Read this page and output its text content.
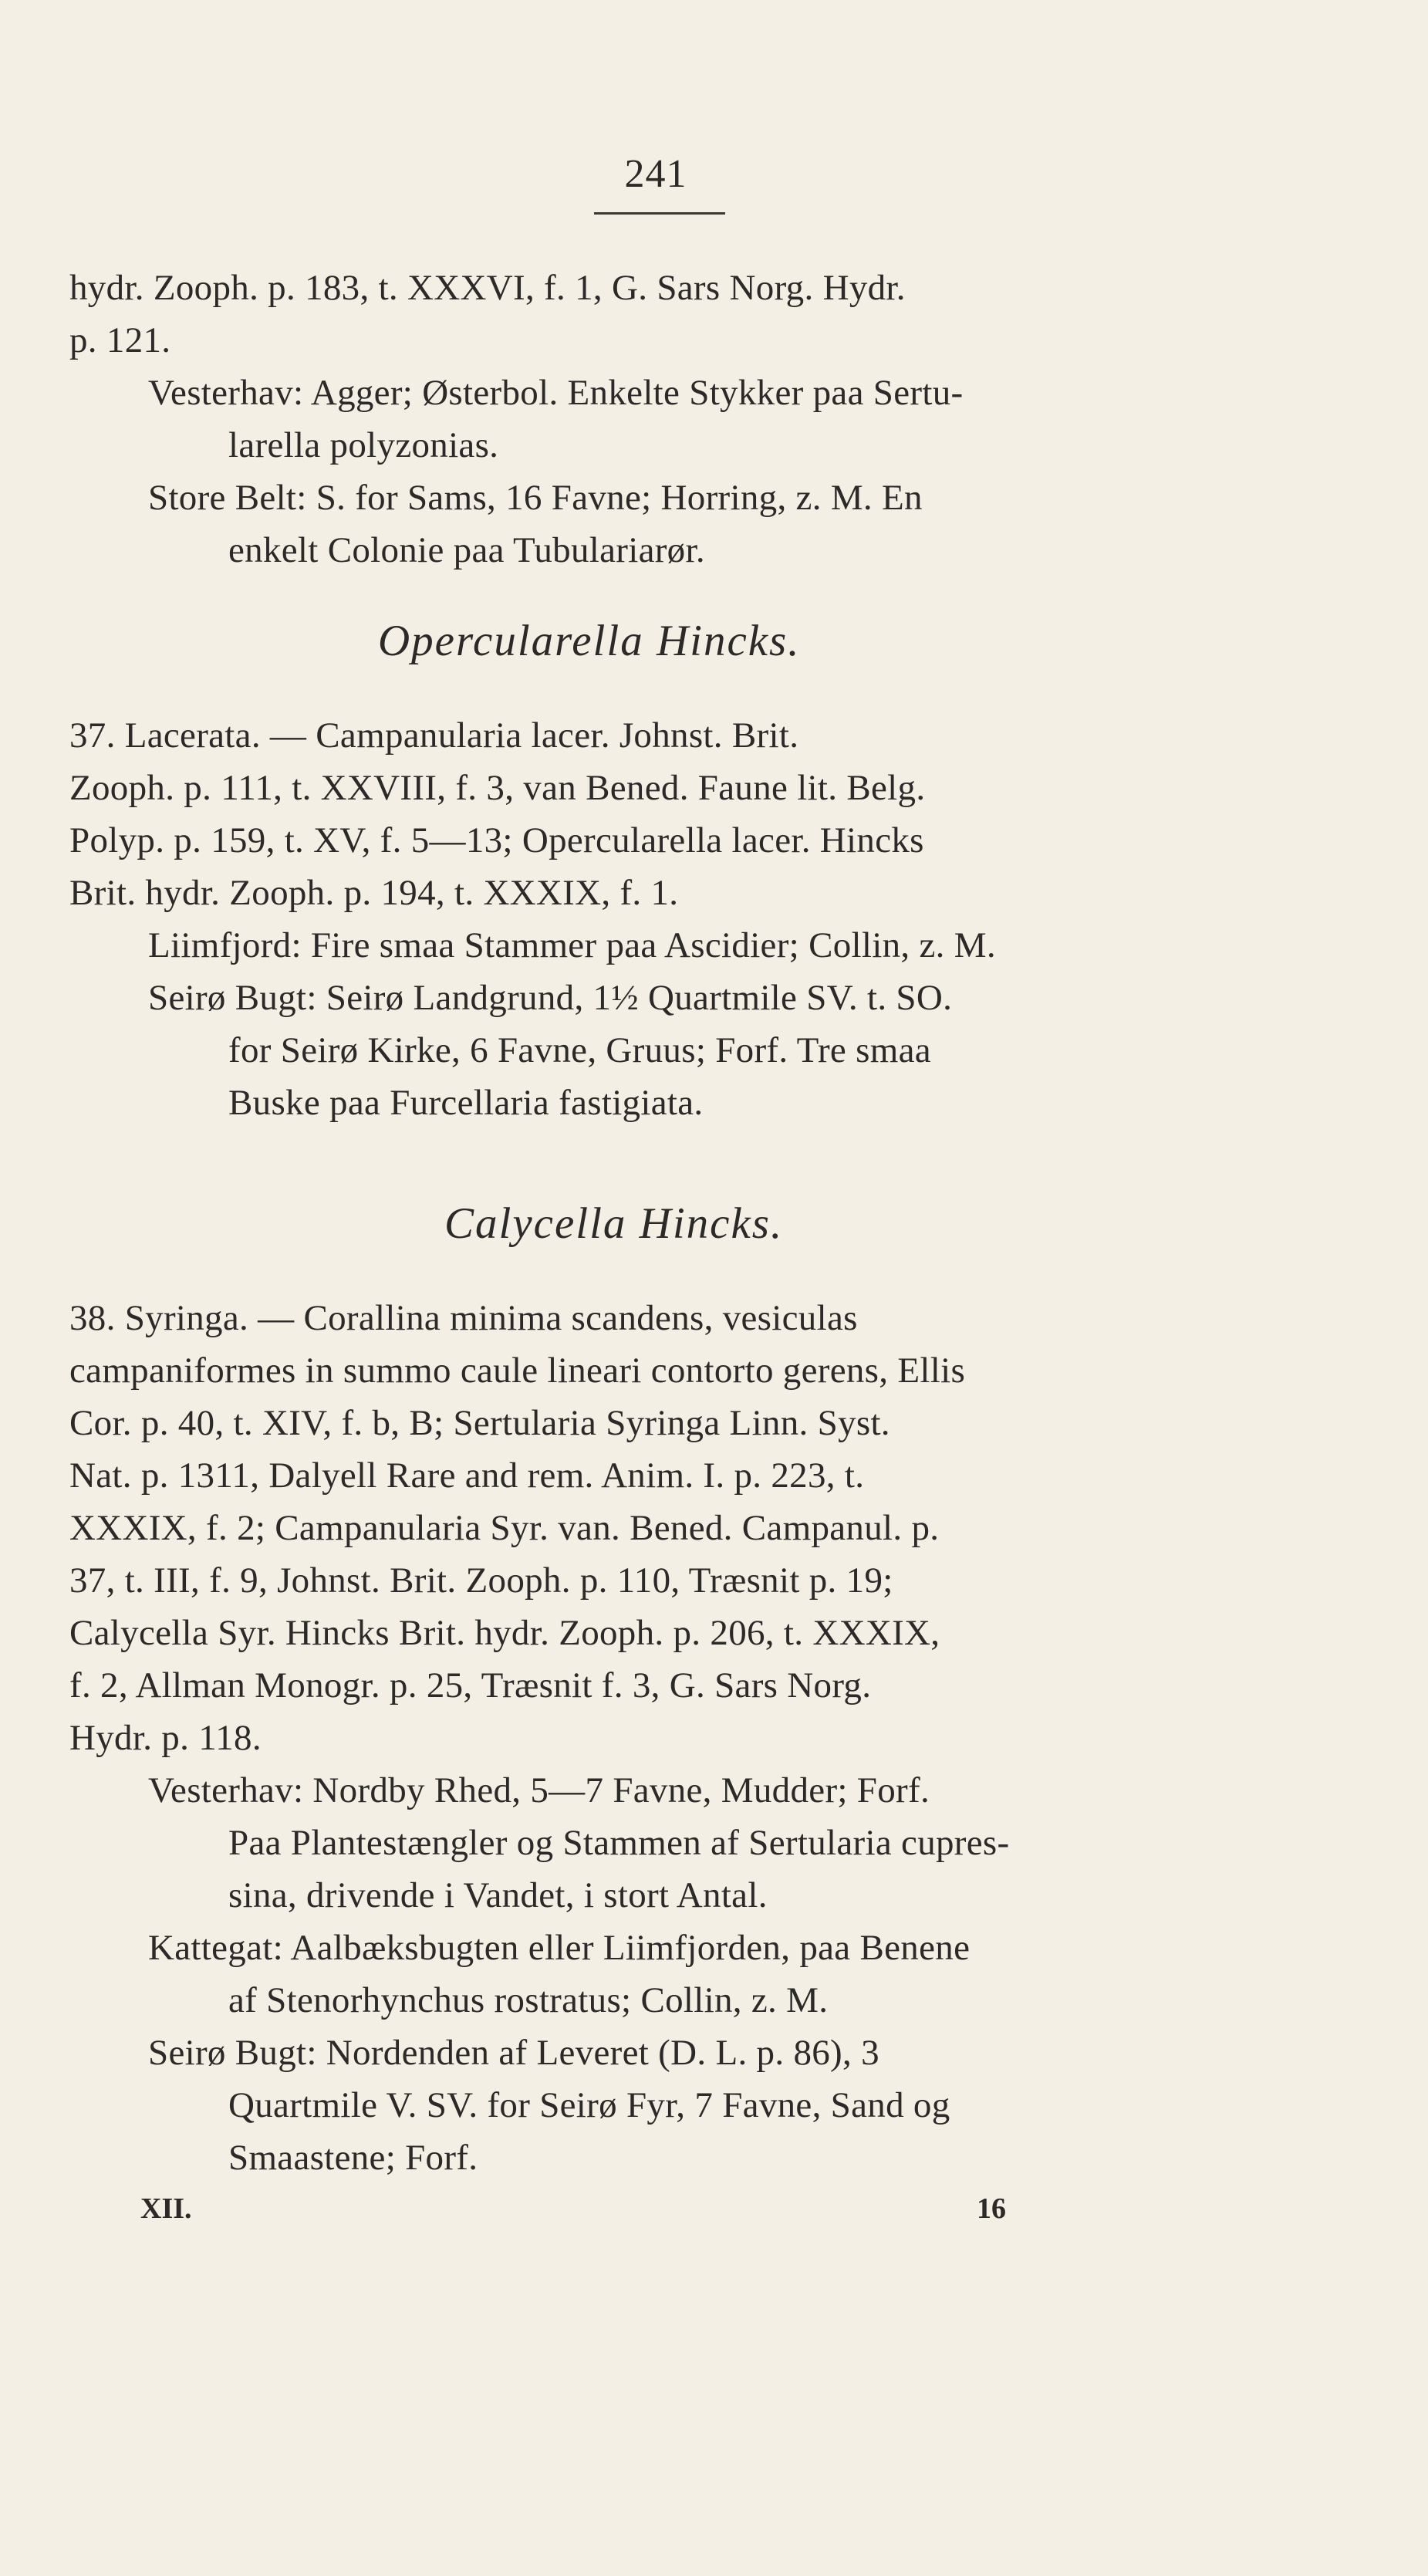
241
hydr. Zooph. p. 183, t. XXXVI, f. 1, G. Sars Norg. Hydr.
p. 121.
Vesterhav: Agger; Østerbol. Enkelte Stykker paa Sertu-
larella polyzonias.
Store Belt: S. for Sams, 16 Favne; Horring, z. M. En
enkelt Colonie paa Tubulariarør.
Opercularella Hincks.
37. Lacerata. — Campanularia lacer. Johnst. Brit.
Zooph. p. 111, t. XXVIII, f. 3, van Bened. Faune lit. Belg.
Polyp. p. 159, t. XV, f. 5—13; Opercularella lacer. Hincks
Brit. hydr. Zooph. p. 194, t. XXXIX, f. 1.
Liimfjord: Fire smaa Stammer paa Ascidier; Collin, z. M.
Seirø Bugt: Seirø Landgrund, 1½ Quartmile SV. t. SO.
for Seirø Kirke, 6 Favne, Gruus; Forf. Tre smaa
Buske paa Furcellaria fastigiata.
Calycella Hincks.
38. Syringa. — Corallina minima scandens, vesiculas
campaniformes in summo caule lineari contorto gerens, Ellis
Cor. p. 40, t. XIV, f. b, B; Sertularia Syringa Linn. Syst.
Nat. p. 1311, Dalyell Rare and rem. Anim. I. p. 223, t.
XXXIX, f. 2; Campanularia Syr. van. Bened. Campanul. p.
37, t. III, f. 9, Johnst. Brit. Zooph. p. 110, Træsnit p. 19;
Calycella Syr. Hincks Brit. hydr. Zooph. p. 206, t. XXXIX,
f. 2, Allman Monogr. p. 25, Træsnit f. 3, G. Sars Norg.
Hydr. p. 118.
Vesterhav: Nordby Rhed, 5—7 Favne, Mudder; Forf.
Paa Plantestængler og Stammen af Sertularia cupres-
sina, drivende i Vandet, i stort Antal.
Kattegat: Aalbæksbugten eller Liimfjorden, paa Benene
af Stenorhynchus rostratus; Collin, z. M.
Seirø Bugt: Nordenden af Leveret (D. L. p. 86), 3
Quartmile V. SV. for Seirø Fyr, 7 Favne, Sand og
Smaastene; Forf.
XII.	16
